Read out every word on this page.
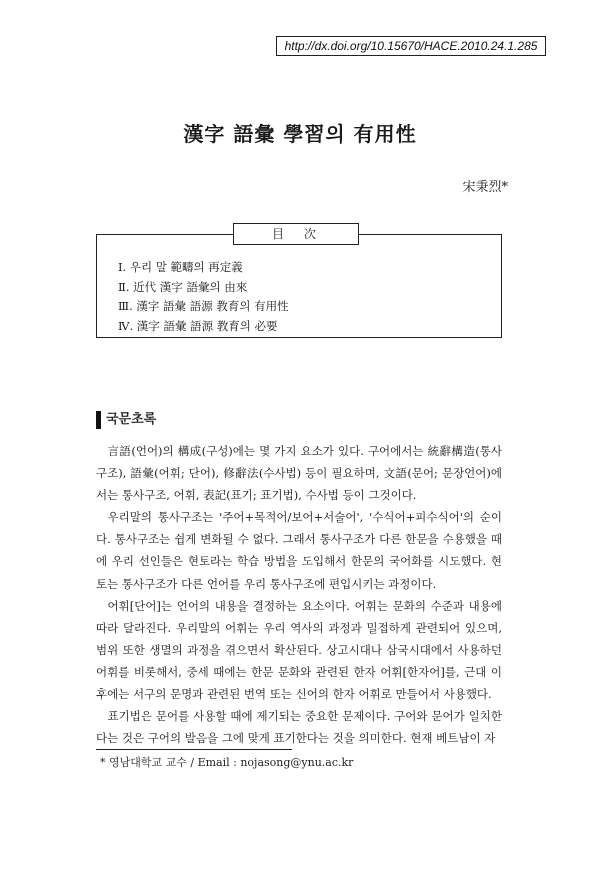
http://dx.doi.org/10.15670/HACE.2010.24.1.285
漢字 語彙 學習의 有用性
宋秉烈*
目　次
Ⅰ. 우리 말 範疇의 再定義
Ⅱ. 近代 漢字 語彙의 由來
Ⅲ. 漢字 語彙 語源 教育의 有用性
Ⅳ. 漢字 語彙 語源 教育의 必要
국문초록

言語(언어)의 構成(구성)에는 몇 가지 요소가 있다. 구어에서는 統辭構造(통사구조), 語彙(어휘; 단어), 修辭法(수사법) 등이 필요하며, 文語(문어; 문장언어)에서는 통사구조, 어휘, 表記(표기; 표기법), 수사법 등이 그것이다.

우리말의 통사구조는 '주어+목적어/보어+서술어', '수식어+피수식어'의 순이다. 통사구조는 쉽게 변화될 수 없다. 그래서 통사구조가 다른 한문을 수용했을 때에 우리 선인들은 현토라는 학습 방법을 도입해서 한문의 국어화를 시도했다. 현토는 통사구조가 다른 언어를 우리 통사구조에 편입시키는 과정이다.

어휘[단어]는 언어의 내용을 결정하는 요소이다. 어휘는 문화의 수준과 내용에 따라 달라진다. 우리말의 어휘는 우리 역사의 과정과 밀접하게 관련되어 있으며, 범위 또한 생멸의 과정을 겪으면서 확산된다. 상고시대나 삼국시대에서 사용하던 어휘를 비롯해서, 중세 때에는 한문 문화와 관련된 한자 어휘[한자어]를, 근대 이후에는 서구의 문명과 관련된 번역 또는 신어의 한자 어휘로 만들어서 사용했다.

표기법은 문어를 사용할 때에 제기되는 중요한 문제이다. 구어와 문어가 일치한다는 것은 구어의 발음을 그에 맞게 표기한다는 것을 의미한다. 현재 베트남이 자

* 영남대학교 교수 / Email : nojasong@ynu.ac.kr
